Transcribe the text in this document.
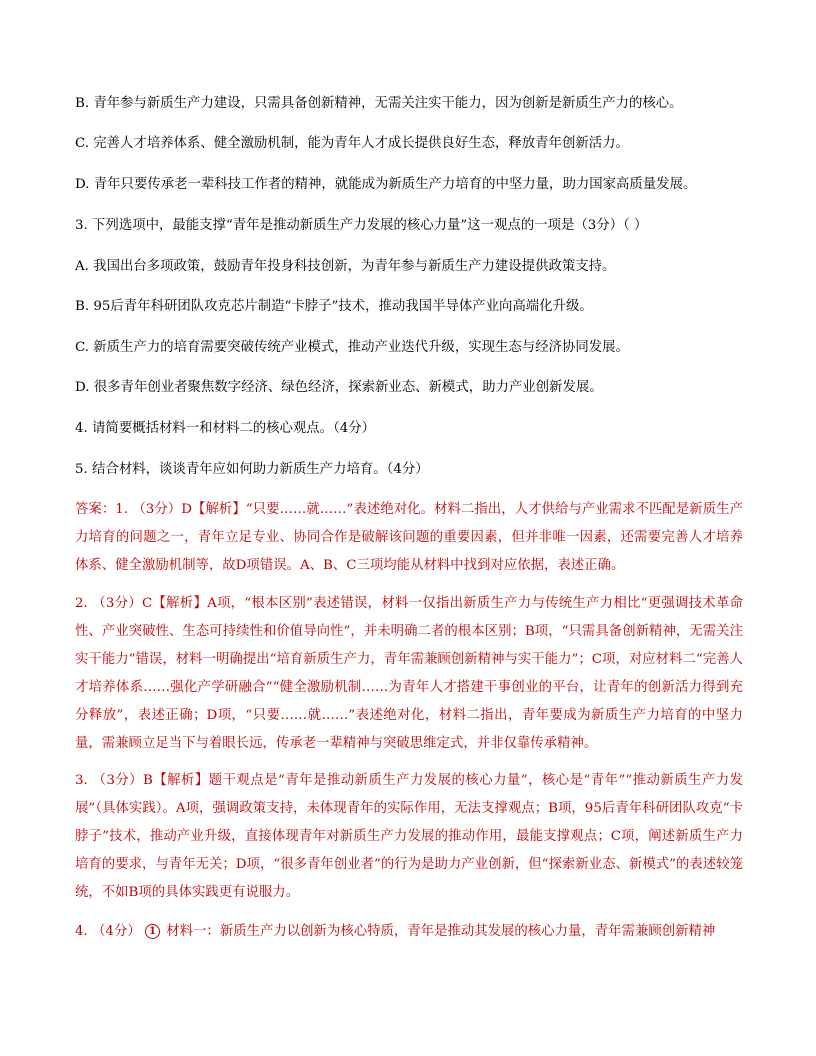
B. 青年参与新质生产力建设，只需具备创新精神，无需关注实干能力，因为创新是新质生产力的核心。
C. 完善人才培养体系、健全激励机制，能为青年人才成长提供良好生态，释放青年创新活力。
D. 青年只要传承老一辈科技工作者的精神，就能成为新质生产力培育的中坚力量，助力国家高质量发展。
3. 下列选项中，最能支撑“青年是推动新质生产力发展的核心力量”这一观点的一项是（3分）（ ）
A. 我国出台多项政策，鼓励青年投身科技创新，为青年参与新质生产力建设提供政策支持。
B. 95后青年科研团队攻克芯片制造“卡脖子”技术，推动我国半导体产业向高端化升级。
C. 新质生产力的培育需要突破传统产业模式，推动产业迭代升级，实现生态与经济协同发展。
D. 很多青年创业者聚焦数字经济、绿色经济，探索新业态、新模式，助力产业创新发展。
4. 请简要概括材料一和材料二的核心观点。（4分）
5. 结合材料，谈谈青年应如何助力新质生产力培育。（4分）
答案：1. （3分）D【解析】“只要……就……”表述绝对化。材料二指出，人才供给与产业需求不匹配是新质生产力培育的问题之一，青年立足专业、协同合作是破解该问题的重要因素，但并非唯一因素，还需要完善人才培养体系、健全激励机制等，故D项错误。A、B、C三项均能从材料中找到对应依据，表述正确。
2. （3分）C【解析】A项，“根本区别”表述错误，材料一仅指出新质生产力与传统生产力相比“更强调技术革命性、产业突破性、生态可持续性和价值导向性”，并未明确二者的根本区别；B项，“只需具备创新精神，无需关注实干能力”错误，材料一明确提出“培育新质生产力，青年需兼顾创新精神与实干能力”；C项，对应材料二“完善人才培养体系……强化产学研融合”“健全激励机制……为青年人才搭建干事创业的平台，让青年的创新活力得到充分释放”，表述正确；D项，“只要……就……”表述绝对化，材料二指出，青年要成为新质生产力培育的中坚力量，需兼顾立足当下与着眼长远，传承老一辈精神与突破思维定式，并非仅靠传承精神。
3. （3分）B【解析】题干观点是“青年是推动新质生产力发展的核心力量”，核心是“青年”“推动新质生产力发展”（具体实践）。A项，强调政策支持，未体现青年的实际作用，无法支撑观点；B项，95后青年科研团队攻克“卡脖子”技术，推动产业升级，直接体现青年对新质生产力发展的推动作用，最能支撑观点；C项，阐述新质生产力培育的要求，与青年无关；D项，“很多青年创业者”的行为是助力产业创新，但“探索新业态、新模式”的表述较笼统，不如B项的具体实践更有说服力。
4. （4分） 1 材料一：新质生产力以创新为核心特质，青年是推动其发展的核心力量，青年需兼顾创新精神
